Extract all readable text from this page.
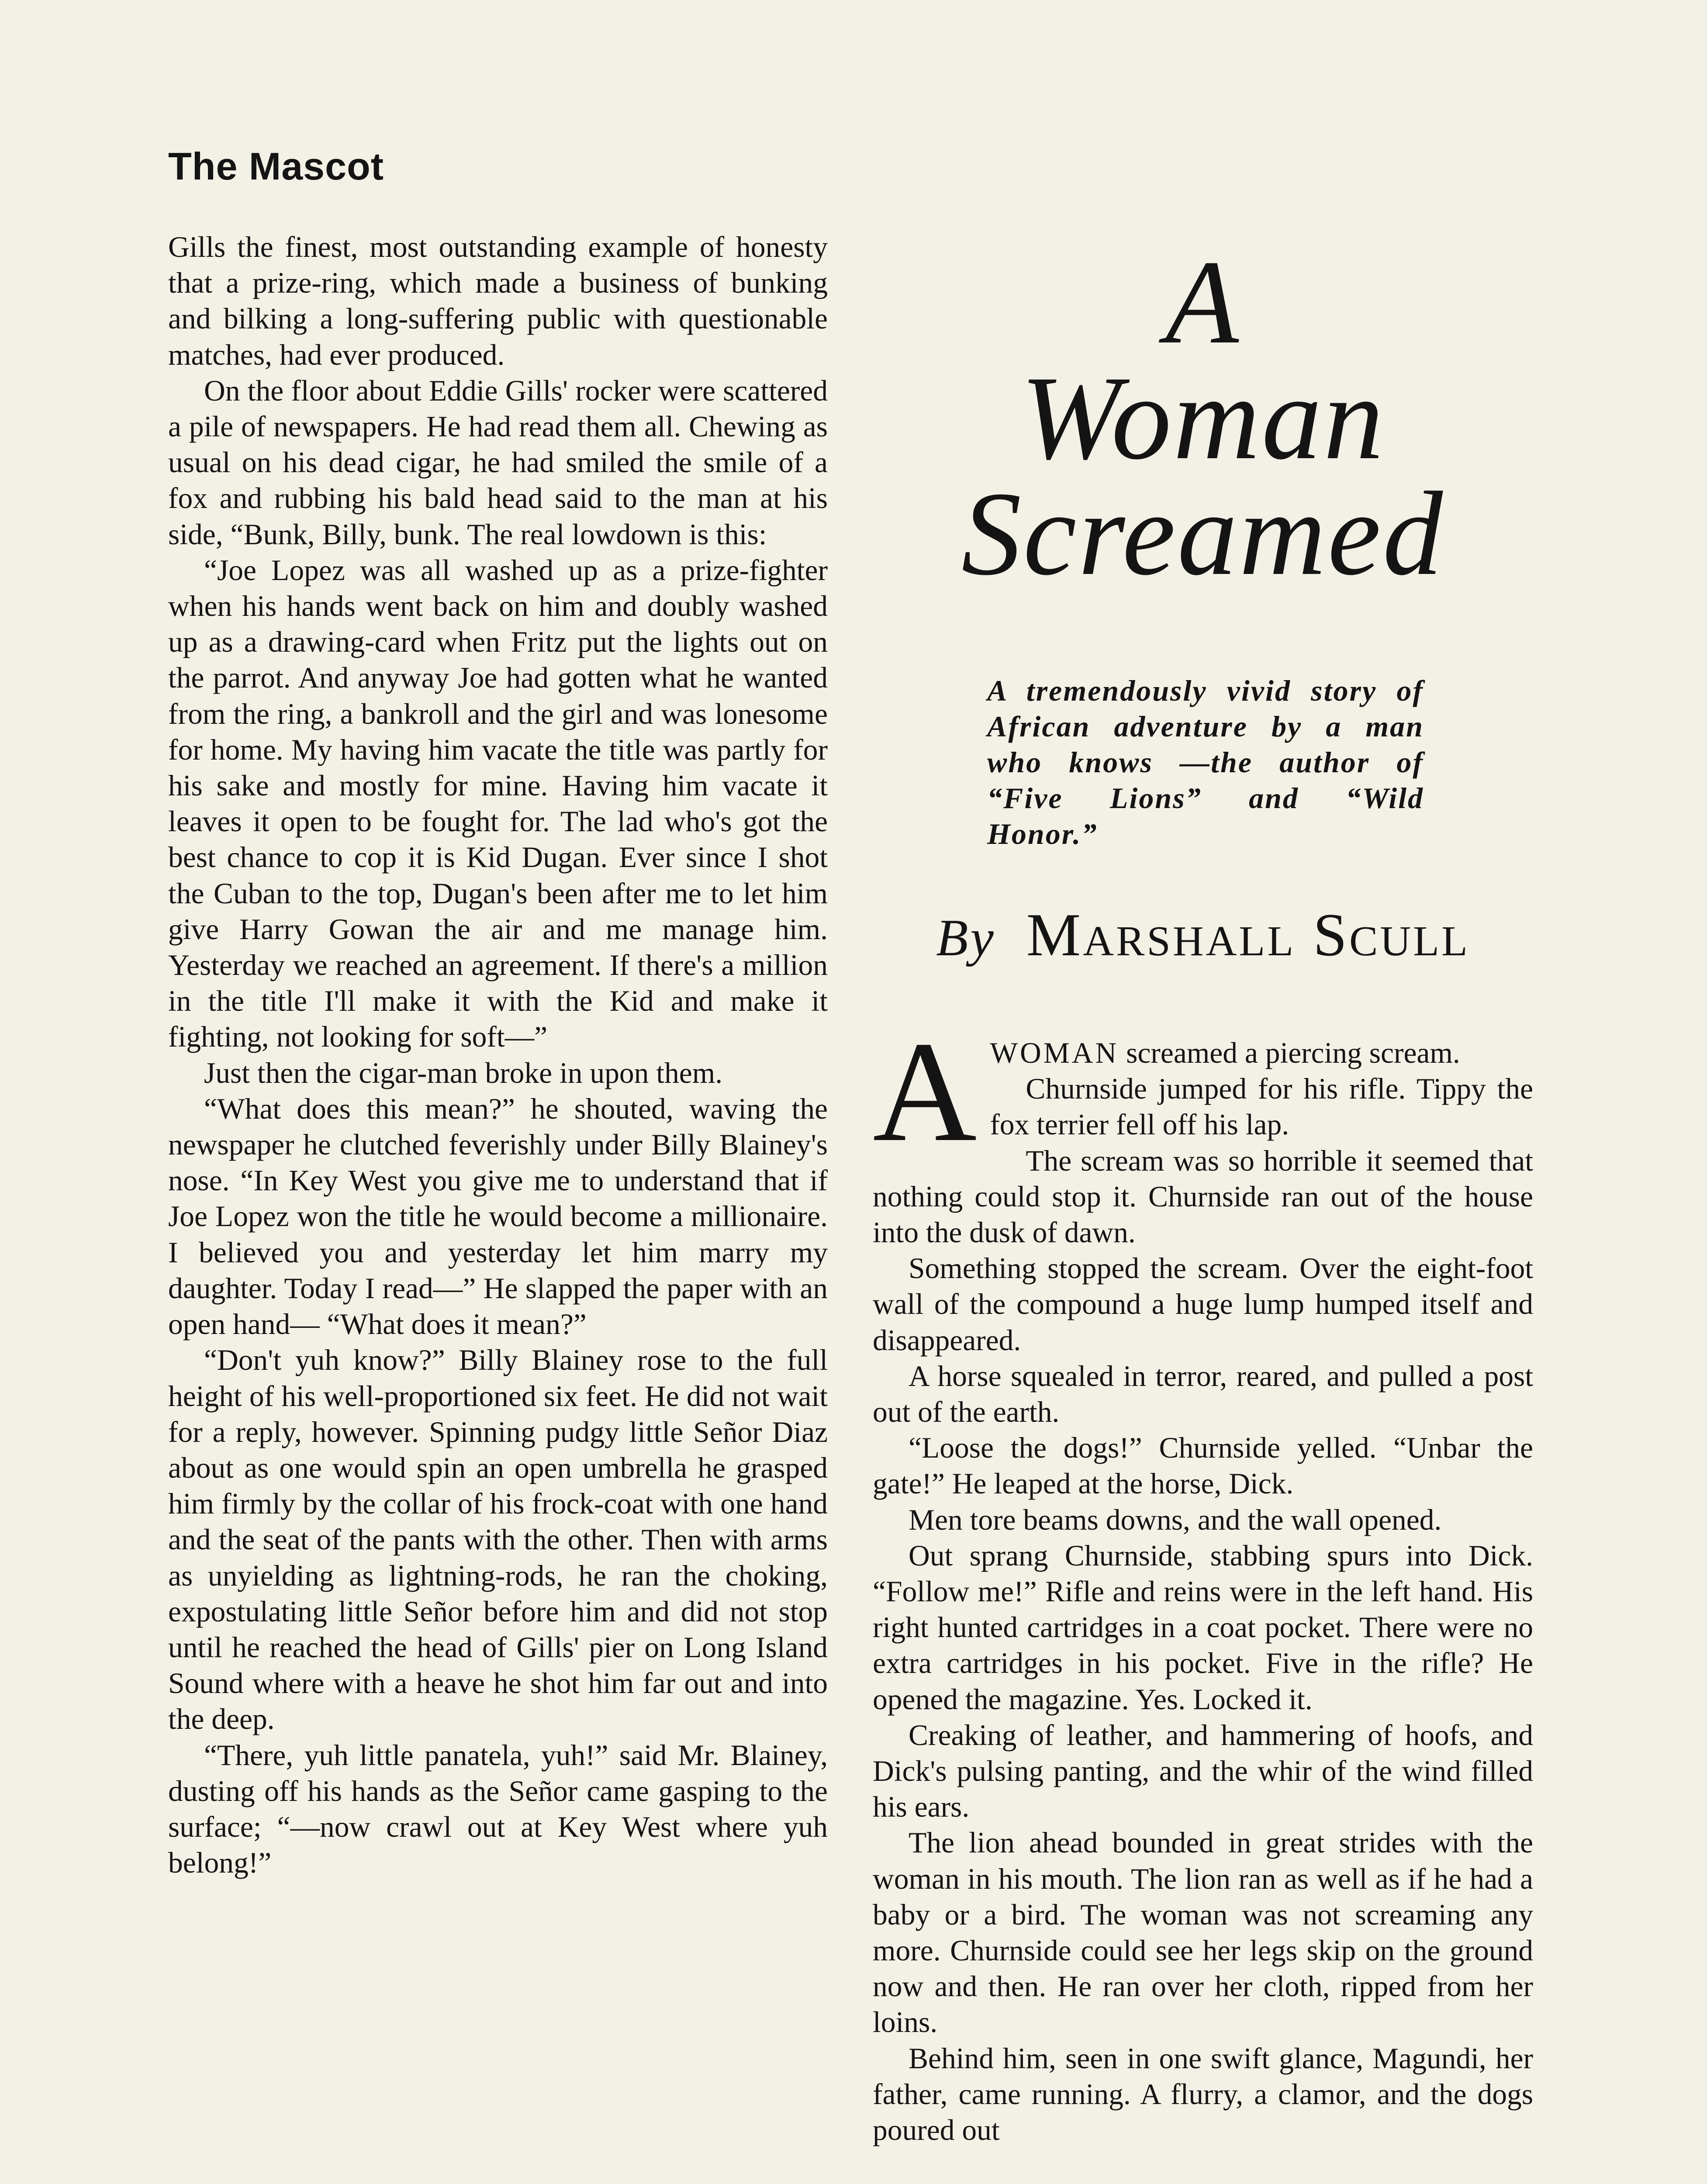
The Mascot

Gills the finest, most outstanding example of honesty that a prize-ring, which made a business of bunking and bilking a long-suffering public with questionable matches, had ever produced.

On the floor about Eddie Gills' rocker were scattered a pile of newspapers. He had read them all. Chewing as usual on his dead cigar, he had smiled the smile of a fox and rubbing his bald head said to the man at his side, “Bunk, Billy, bunk. The real lowdown is this:

“Joe Lopez was all washed up as a prize-fighter when his hands went back on him and doubly washed up as a drawing-card when Fritz put the lights out on the parrot. And anyway Joe had gotten what he wanted from the ring, a bankroll and the girl and was lonesome for home. My having him vacate the title was partly for his sake and mostly for mine. Having him vacate it leaves it open to be fought for. The lad who's got the best chance to cop it is Kid Dugan. Ever since I shot the Cuban to the top, Dugan's been after me to let him give Harry Gowan the air and me manage him. Yesterday we reached an agreement. If there's a million in the title I'll make it with the Kid and make it fighting, not looking for soft—”

Just then the cigar-man broke in upon them.

“What does this mean?” he shouted, waving the newspaper he clutched feverishly under Billy Blainey's nose. “In Key West you give me to understand that if Joe Lopez won the title he would become a millionaire. I believed you and yesterday let him marry my daughter. Today I read—” He slapped the paper with an open hand— “What does it mean?”

“Don't yuh know?” Billy Blainey rose to the full height of his well-proportioned six feet. He did not wait for a reply, however. Spinning pudgy little Señor Diaz about as one would spin an open umbrella he grasped him firmly by the collar of his frock-coat with one hand and the seat of the pants with the other. Then with arms as unyielding as lightning-rods, he ran the choking, expostulating little Señor before him and did not stop until he reached the head of Gills' pier on Long Island Sound where with a heave he shot him far out and into the deep.

“There, yuh little panatela, yuh!” said Mr. Blainey, dusting off his hands as the Señor came gasping to the surface; “—now crawl out at Key West where yuh belong!”

A
Woman
Screamed
A tremendously vivid story of African adventure by a man who knows —the author of “Five Lions” and “Wild Honor.”
By Marshall Scull

AWOMAN screamed a piercing scream.

Churnside jumped for his rifle. Tippy the fox terrier fell off his lap.

The scream was so horrible it seemed that nothing could stop it. Churnside ran out of the house into the dusk of dawn.

Something stopped the scream. Over the eight-foot wall of the compound a huge lump humped itself and disappeared.

A horse squealed in terror, reared, and pulled a post out of the earth.

“Loose the dogs!” Churnside yelled. “Unbar the gate!” He leaped at the horse, Dick.

Men tore beams downs, and the wall opened.

Out sprang Churnside, stabbing spurs into Dick. “Follow me!” Rifle and reins were in the left hand. His right hunted cartridges in a coat pocket. There were no extra cartridges in his pocket. Five in the rifle? He opened the magazine. Yes. Locked it.

Creaking of leather, and hammering of hoofs, and Dick's pulsing panting, and the whir of the wind filled his ears.

The lion ahead bounded in great strides with the woman in his mouth. The lion ran as well as if he had a baby or a bird. The woman was not screaming any more. Churnside could see her legs skip on the ground now and then. He ran over her cloth, ripped from her loins.

Behind him, seen in one swift glance, Magundi, her father, came running. A flurry, a clamor, and the dogs poured out
